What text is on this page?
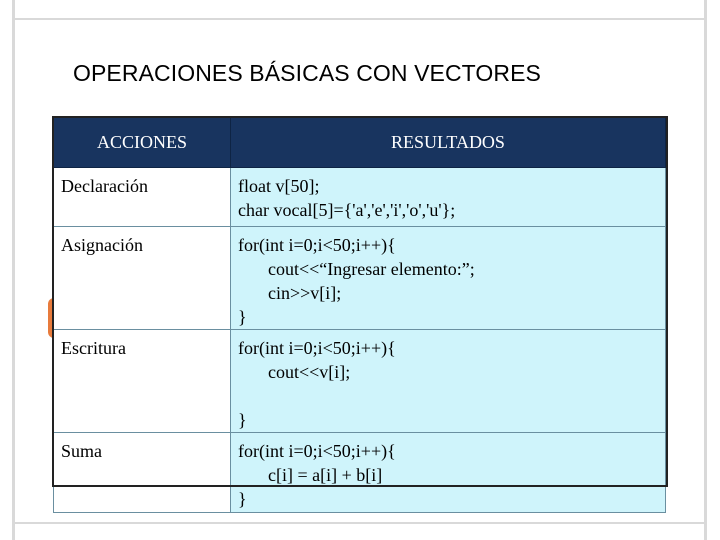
OPERACIONES BÁSICAS CON VECTORES
ACCIONES	RESULTADOS
Declaración	float v[50];
char vocal[5]={'a','e','i','o','u'};

Asignación	for(int i=0;i<50;i++){
cout<<“Ingresar elemento:”;
cin>>v[i];
}

Escritura	for(int i=0;i<50;i++){
cout<<v[i];
}

Suma	for(int i=0;i<50;i++){
c[i] = a[i] + b[i]
}
